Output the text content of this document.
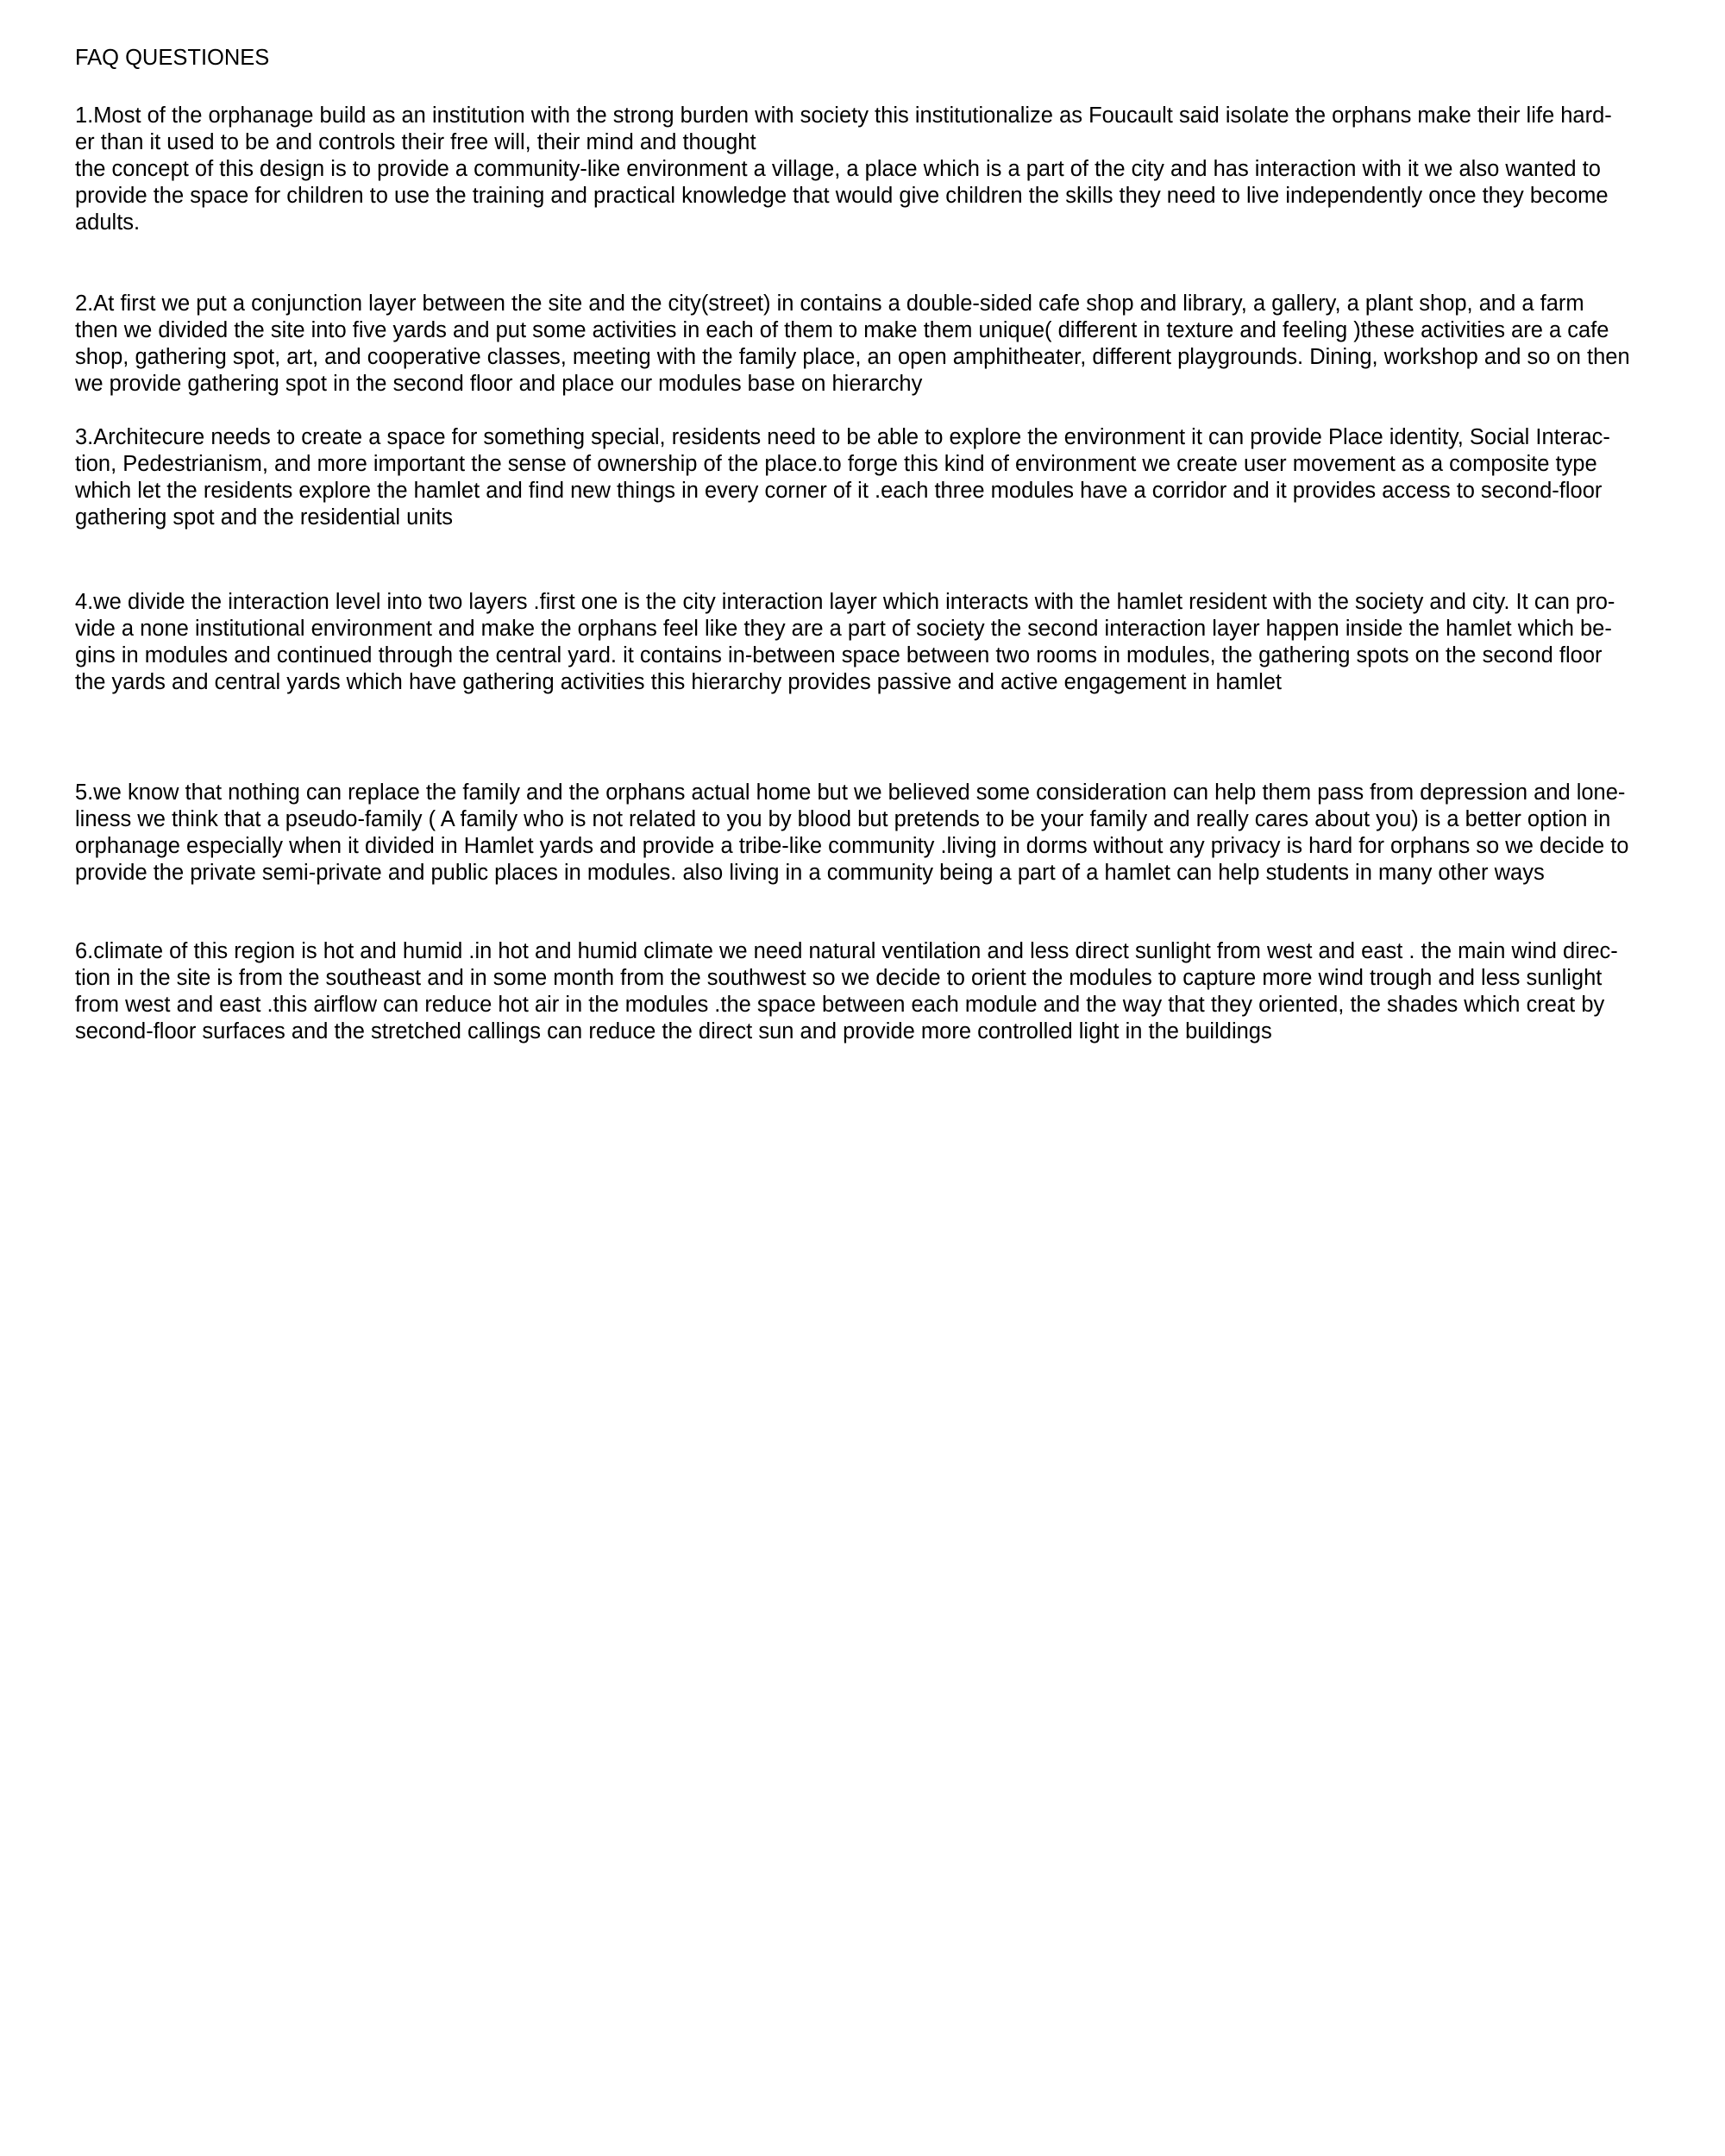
FAQ QUESTIONES
1.Most of the orphanage build as an institution with the strong burden with society this institutionalize as Foucault said isolate the orphans make their life hard-
er than it used to be and controls their free will, their mind and thought
the concept of this design is to provide a community-like environment a village, a place which is a part of the city and has interaction with it we also wanted to
provide the space for children to use the training and practical knowledge that would give children the skills they need to live independently once they become
adults.
2.At first we put a conjunction layer between the site and the city(street) in contains a double-sided cafe shop and library, a gallery, a plant shop, and a farm
then we divided the site into five yards and put some activities in each of them to make them unique( different in texture and feeling )these activities are a cafe
shop, gathering spot, art, and cooperative classes, meeting with the family place, an open amphitheater, different playgrounds. Dining, workshop and so on then
we provide gathering spot in the second floor and place our modules base on hierarchy
3.Architecure needs to create a space for something special, residents need to be able to explore the environment it can provide Place identity, Social Interac-
tion, Pedestrianism, and more important the sense of ownership of the place.to forge this kind of environment we create user movement as a composite type
which let the residents explore the hamlet and find new things in every corner of it .each three modules have a corridor and it provides access to second-floor
gathering spot and the residential units
4.we divide the interaction level into two layers .first one is the city interaction layer which interacts with the hamlet resident with the society and city. It can pro-
vide a none institutional environment and make the orphans feel like they are a part of society the second interaction layer happen inside the hamlet which be-
gins in modules and continued through the central yard. it contains in-between space between two rooms in modules, the gathering spots on the second floor
the yards and central yards which have gathering activities this hierarchy provides passive and active engagement in hamlet
5.we know that nothing can replace the family and the orphans actual home but we believed some consideration can help them pass from depression and lone-
liness we think that a pseudo-family ( A family who is not related to you by blood but pretends to be your family and really cares about you) is a better option in
orphanage especially when it divided in Hamlet yards and provide a tribe-like community .living in dorms without any privacy is hard for orphans so we decide to
provide the private semi-private and public places in modules. also living in a community being a part of a hamlet can help students in many other ways
6.climate of this region is hot and humid .in hot and humid climate we need natural ventilation and less direct sunlight from west and east . the main wind direc-
tion in the site is from the southeast and in some month from the southwest so we decide to orient the modules to capture more wind trough and less sunlight
from west and east .this airflow can reduce hot air in the modules .the space between each module and the way that they oriented, the shades which creat by
second-floor surfaces and the stretched callings can reduce the direct sun and provide more controlled light in the buildings
